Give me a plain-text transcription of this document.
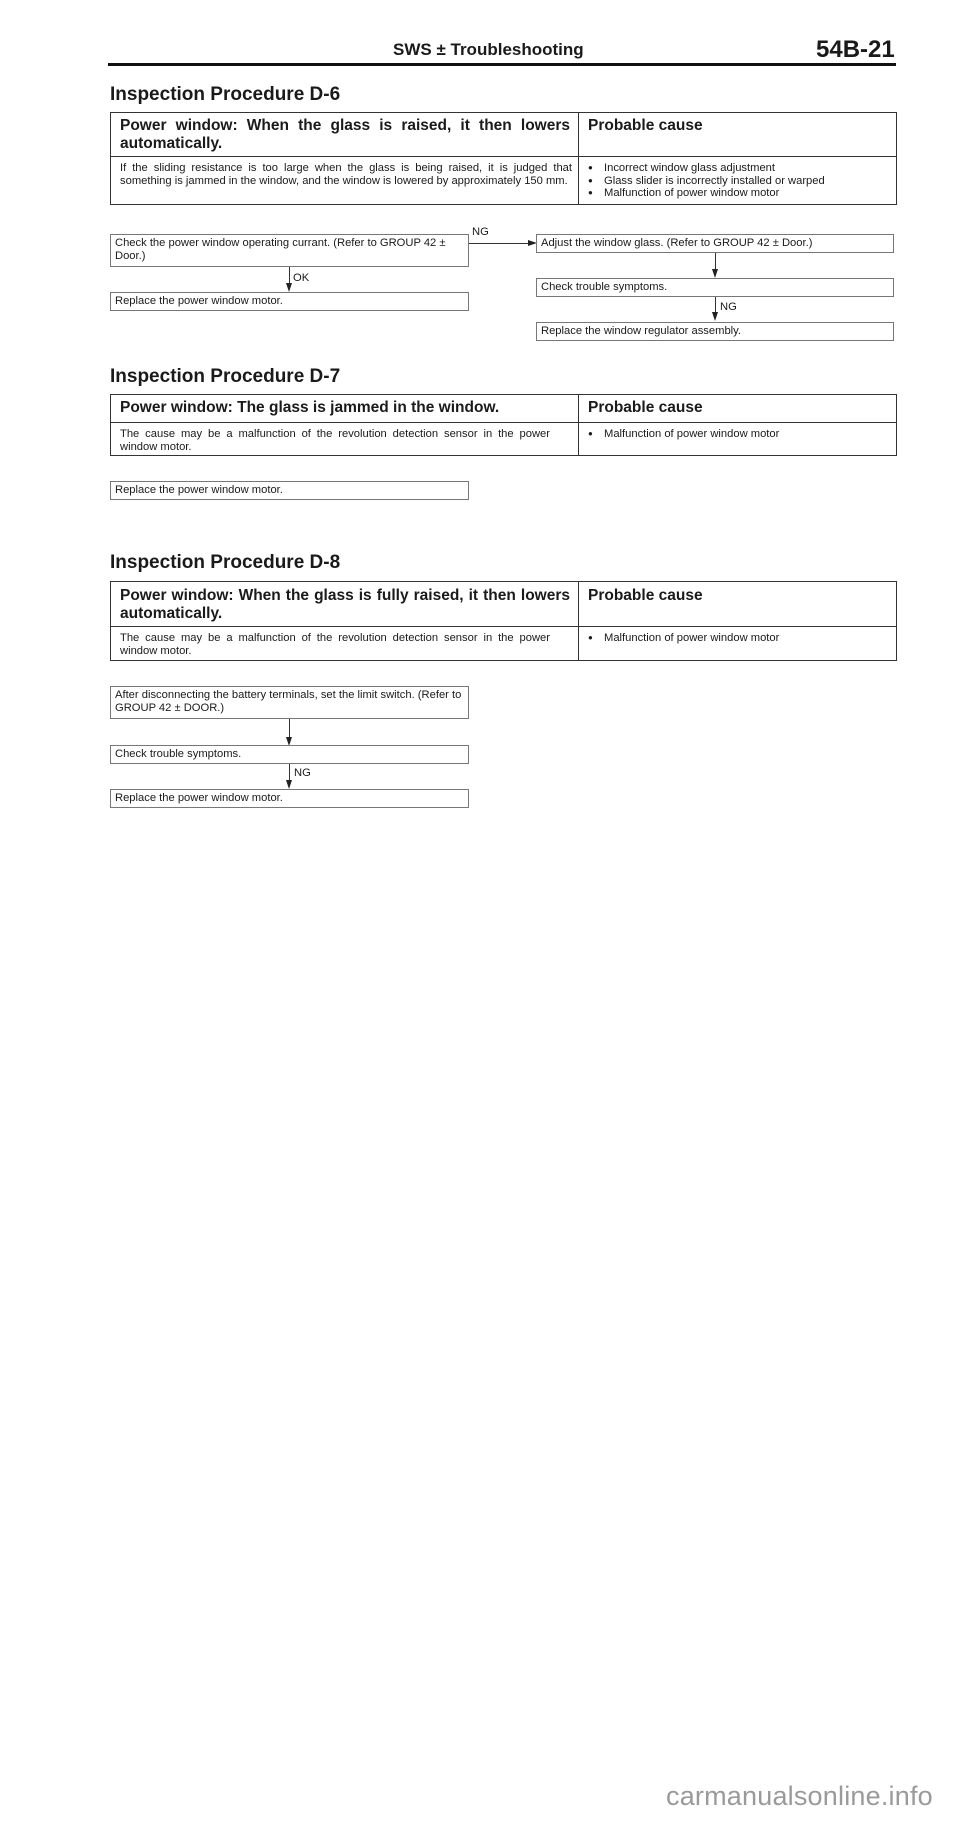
SWS ± Troubleshooting	54B-21
Inspection Procedure D-6
Power window: When the glass is raised, it then lowers automatically.
Probable cause
If the sliding resistance is too large when the glass is being raised, it is judged that something is jammed in the window, and the window is lowered by approximately 150 mm.
● Incorrect window glass adjustment
● Glass slider is incorrectly installed or warped
● Malfunction of power window motor
Check the power window operating currant. (Refer to GROUP 42 ± Door.)
NG
Adjust the window glass. (Refer to GROUP 42 ± Door.)
OK
Replace the power window motor.
Check trouble symptoms.
NG
Replace the window regulator assembly.
Inspection Procedure D-7
Power window: The glass is jammed in the window.	Probable cause
The cause may be a malfunction of the revolution detection sensor in the power window motor.
● Malfunction of power window motor
Replace the power window motor.
Inspection Procedure D-8
Power window: When the glass is fully raised, it then lowers automatically.
Probable cause
The cause may be a malfunction of the revolution detection sensor in the power window motor.
● Malfunction of power window motor
After disconnecting the battery terminals, set the limit switch. (Refer to GROUP 42 ± DOOR.)
Check trouble symptoms.
NG
Replace the power window motor.
carmanualsonline.info
